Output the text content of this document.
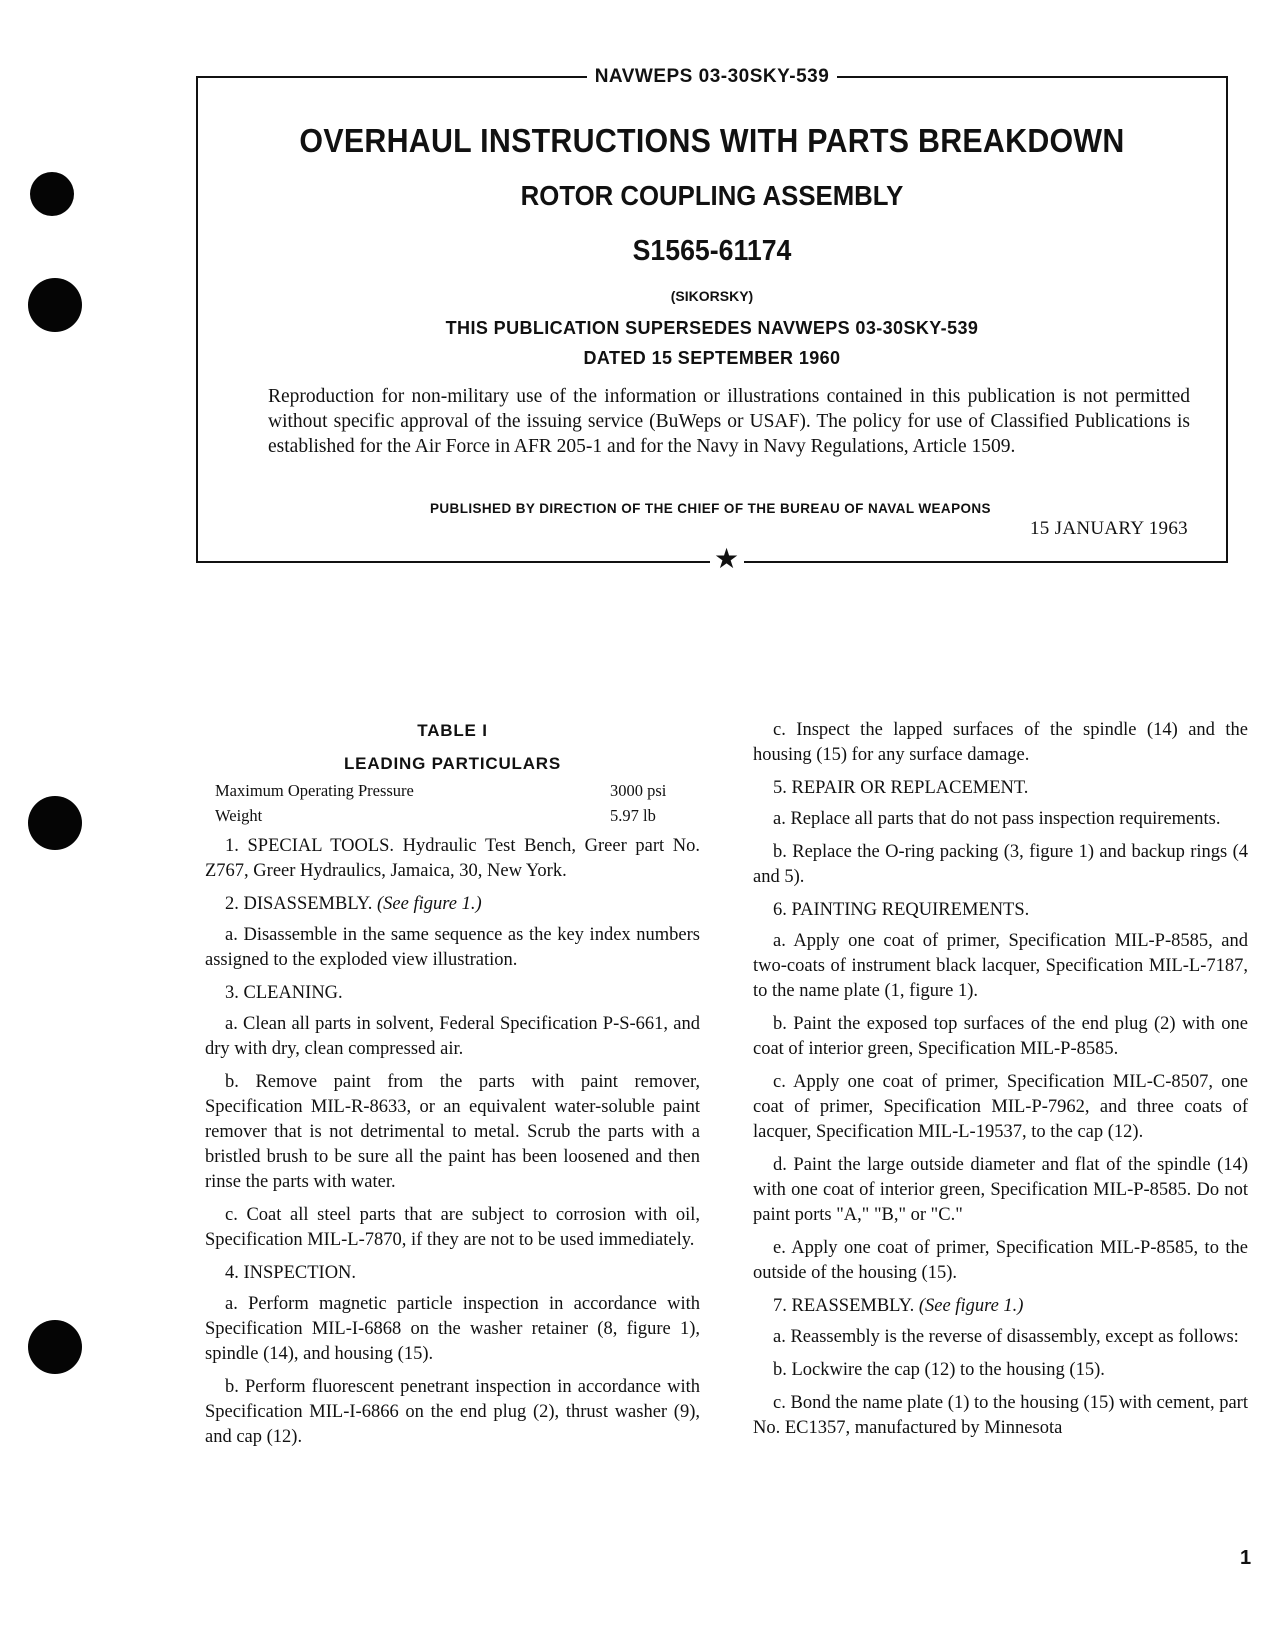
NAVWEPS 03-30SKY-539
★
OVERHAUL INSTRUCTIONS WITH PARTS BREAKDOWN
ROTOR COUPLING ASSEMBLY
S1565-61174
(SIKORSKY)
THIS PUBLICATION SUPERSEDES NAVWEPS 03-30SKY-539
DATED 15 SEPTEMBER 1960
Reproduction for non-military use of the information or illustrations contained in this publication is not permitted without specific approval of the issuing service (BuWeps or USAF). The policy for use of Classified Publications is established for the Air Force in AFR 205-1 and for the Navy in Navy Regulations, Article 1509.
PUBLISHED BY DIRECTION OF THE CHIEF OF THE BUREAU OF NAVAL WEAPONS
15 JANUARY 1963

TABLE I

LEADING PARTICULARS

Maximum Operating Pressure	3000 psi
Weight	5.97 lb

1. SPECIAL TOOLS. Hydraulic Test Bench, Greer part No. Z767, Greer Hydraulics, Jamaica, 30, New York.

2. DISASSEMBLY. (See figure 1.)

a. Disassemble in the same sequence as the key index numbers assigned to the exploded view illustration.

3. CLEANING.

a. Clean all parts in solvent, Federal Specification P-S-661, and dry with dry, clean compressed air.

b. Remove paint from the parts with paint remover, Specification MIL-R-8633, or an equivalent water-soluble paint remover that is not detrimental to metal. Scrub the parts with a bristled brush to be sure all the paint has been loosened and then rinse the parts with water.

c. Coat all steel parts that are subject to corrosion with oil, Specification MIL-L-7870, if they are not to be used immediately.

4. INSPECTION.

a. Perform magnetic particle inspection in accordance with Specification MIL-I-6868 on the washer retainer (8, figure 1), spindle (14), and housing (15).

b. Perform fluorescent penetrant inspection in accordance with Specification MIL-I-6866 on the end plug (2), thrust washer (9), and cap (12).

c. Inspect the lapped surfaces of the spindle (14) and the housing (15) for any surface damage.

5. REPAIR OR REPLACEMENT.

a. Replace all parts that do not pass inspection requirements.

b. Replace the O-ring packing (3, figure 1) and backup rings (4 and 5).

6. PAINTING REQUIREMENTS.

a. Apply one coat of primer, Specification MIL-P-8585, and two-coats of instrument black lacquer, Specification MIL-L-7187, to the name plate (1, figure 1).

b. Paint the exposed top surfaces of the end plug (2) with one coat of interior green, Specification MIL-P-8585.

c. Apply one coat of primer, Specification MIL-C-8507, one coat of primer, Specification MIL-P-7962, and three coats of lacquer, Specification MIL-L-19537, to the cap (12).

d. Paint the large outside diameter and flat of the spindle (14) with one coat of interior green, Specification MIL-P-8585. Do not paint ports "A," "B," or "C."

e. Apply one coat of primer, Specification MIL-P-8585, to the outside of the housing (15).

7. REASSEMBLY. (See figure 1.)

a. Reassembly is the reverse of disassembly, except as follows:

b. Lockwire the cap (12) to the housing (15).

c. Bond the name plate (1) to the housing (15) with cement, part No. EC1357, manufactured by Minnesota

1
